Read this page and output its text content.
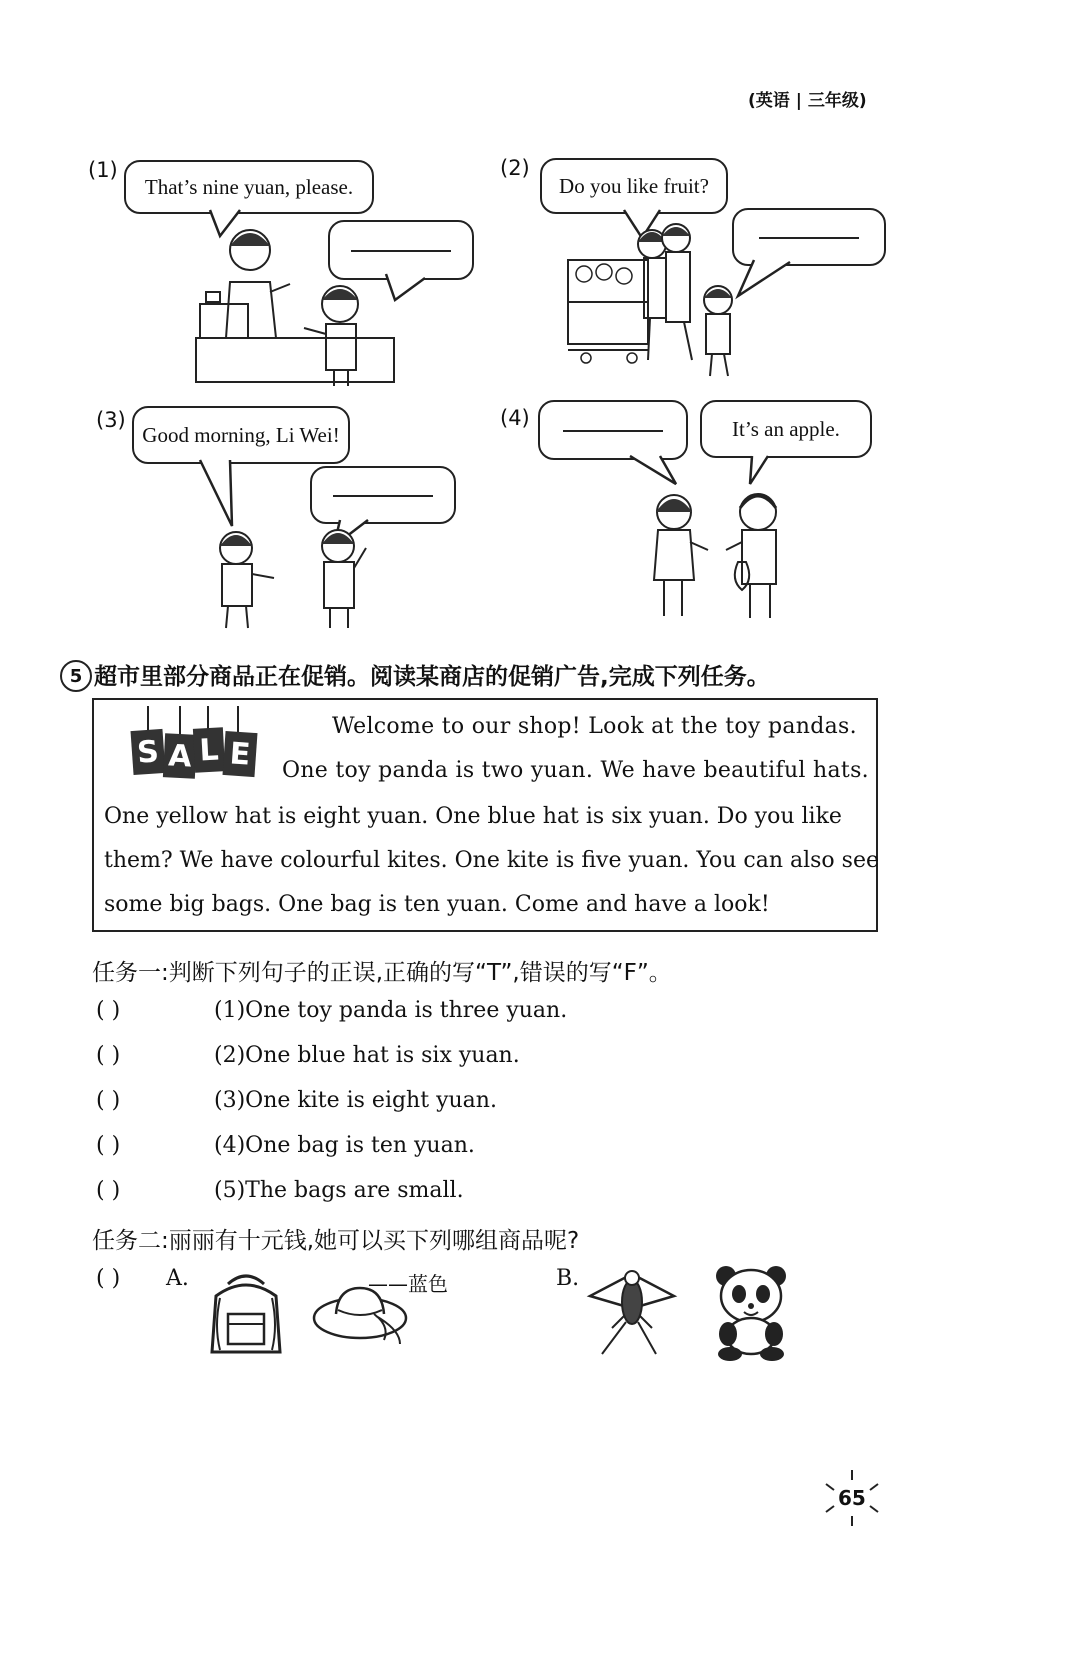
(英语 | 三年级)
(1)
That’s nine yuan, please.
(2)
Do you like fruit?
(3)
Good morning, Li Wei!
(4)	It’s an apple.
5 超市里部分商品正在促销。阅读某商店的促销广告,完成下列任务。
S A L E
Welcome to our shop! Look at the toy pandas.
One toy panda is two yuan. We have beautiful hats.
One yellow hat is eight yuan. One blue hat is six yuan. Do you like
them? We have colourful kites. One kite is five yuan. You can also see
some big bags. One bag is ten yuan. Come and have a look!
任务一:判断下列句子的正误,正确的写“T”,错误的写“F”。
( )	(1)One toy panda is three yuan.
( )	(2)One blue hat is six yuan.
( )	(3)One kite is eight yuan.
( )	(4)One bag is ten yuan.
( )	(5)The bags are small.
任务二:丽丽有十元钱,她可以买下列哪组商品呢?
( )	A.	——蓝色	B.
65
